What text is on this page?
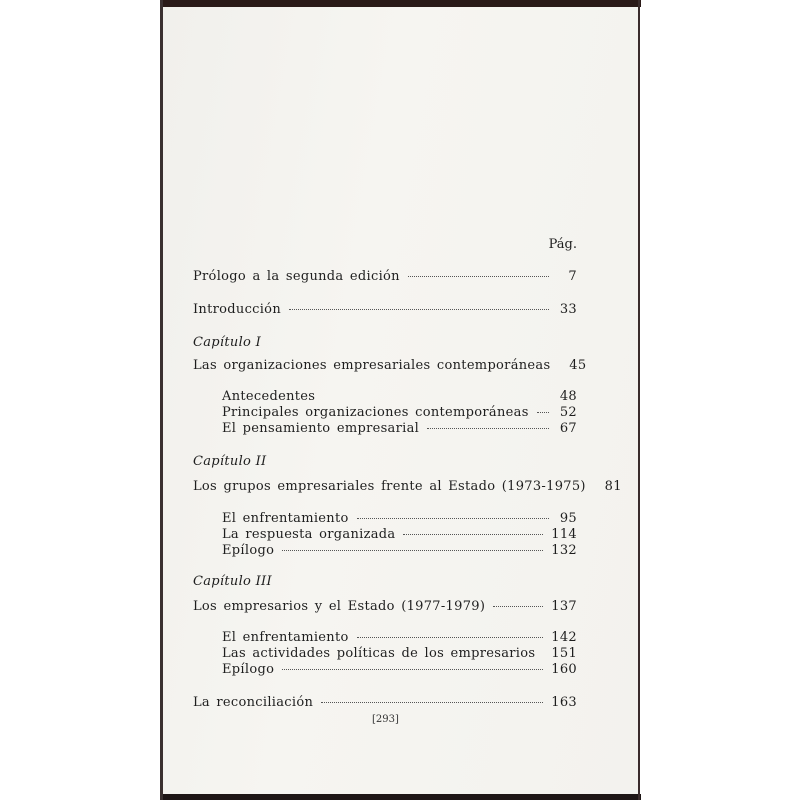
Pág.
Prólogo a la segunda edición	7
Introducción	33
Capítulo I
Las organizaciones empresariales contemporáneas 45
Antecedentes	48
Principales organizaciones contemporáneas 52
El pensamiento empresarial	67
Capítulo II
Los grupos empresariales frente al Estado (1973-1975) 81
El enfrentamiento	95
La respuesta organizada	114
Epílogo	132
Capítulo III
Los empresarios y el Estado (1977-1979)	137
El enfrentamiento	142
Las actividades políticas de los empresarios 151
Epílogo	160
La reconciliación	163
[293]
